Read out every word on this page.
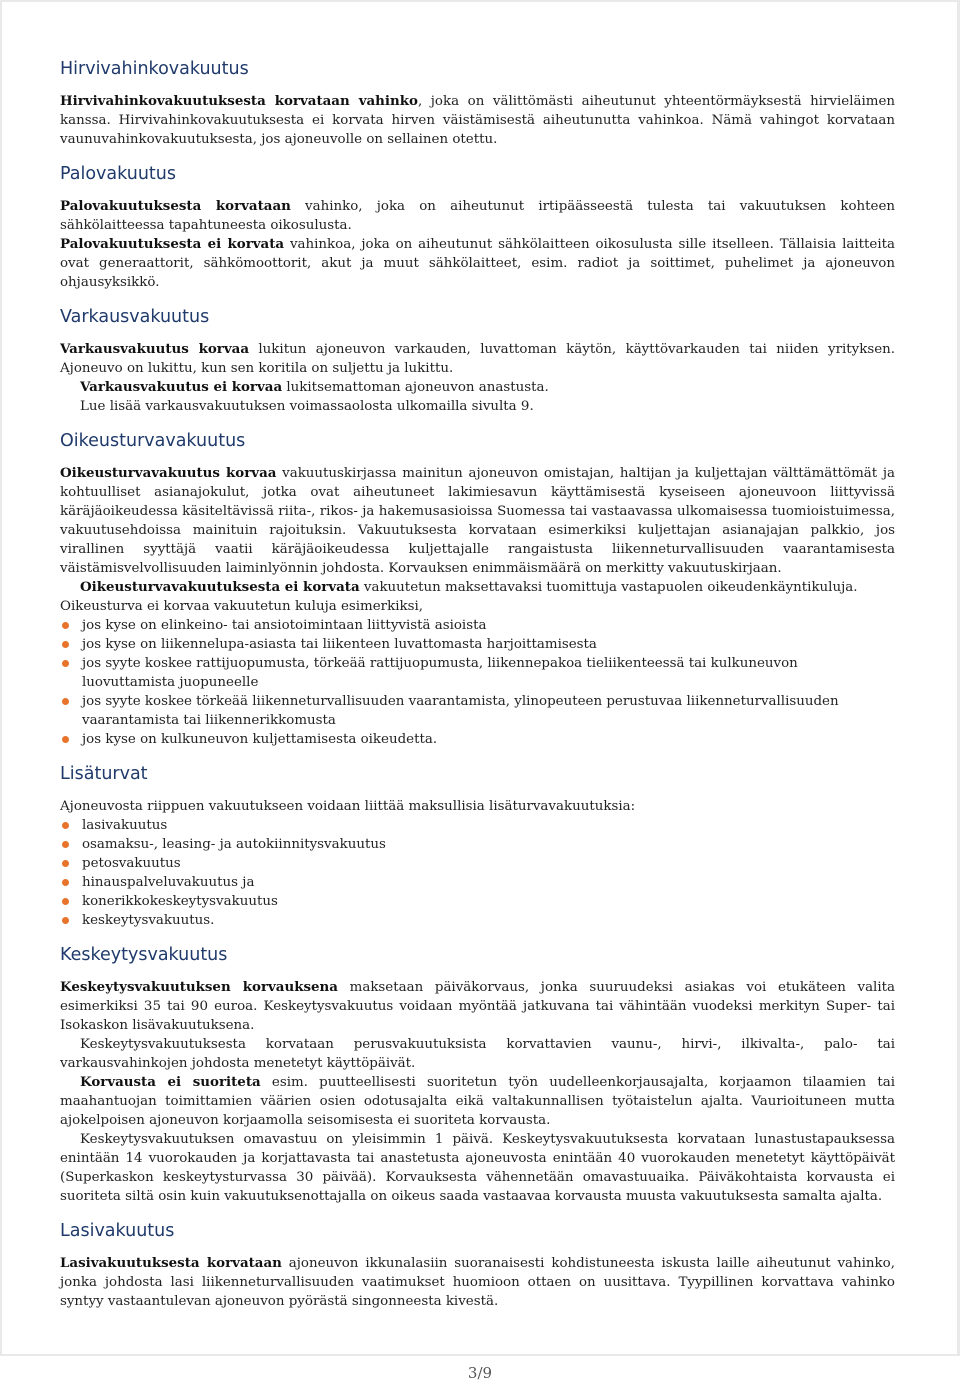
Hirvivahinkovakuutus

Hirvivahinkovakuutuksesta korvataan vahinko, joka on välittömästi aiheutunut yhteentörmäyksestä hirvieläimen kanssa. Hirvivahinkovakuutuksesta ei korvata hirven väistämisestä aiheutunutta vahinkoa. Nämä vahingot korvataan vaunuvahinkovakuutuksesta, jos ajoneuvolle on sellainen otettu.

Palovakuutus

Palovakuutuksesta korvataan vahinko, joka on aiheutunut irtipäässeestä tulesta tai vakuutuksen kohteen sähkölaitteessa tapahtuneesta oikosulusta.

Palovakuutuksesta ei korvata vahinkoa, joka on aiheutunut sähkölaitteen oikosulusta sille itselleen. Tällaisia laitteita ovat generaattorit, sähkömoottorit, akut ja muut sähkölaitteet, esim. radiot ja soittimet, puhelimet ja ajoneuvon ohjausyksikkö.

Varkausvakuutus

Varkausvakuutus korvaa lukitun ajoneuvon varkauden, luvattoman käytön, käyttövarkauden tai niiden yrityksen. Ajoneuvo on lukittu, kun sen koritila on suljettu ja lukittu.

Varkausvakuutus ei korvaa lukitsemattoman ajoneuvon anastusta.

Lue lisää varkausvakuutuksen voimassaolosta ulkomailla sivulta 9.

Oikeusturvavakuutus

Oikeusturvavakuutus korvaa vakuutuskirjassa mainitun ajoneuvon omistajan, haltijan ja kuljettajan välttämättömät ja kohtuulliset asianajokulut, jotka ovat aiheutuneet lakimiesavun käyttämisestä kyseiseen ajoneuvoon liittyvissä käräjäoikeudessa käsiteltävissä riita-, rikos- ja hakemusasioissa Suomessa tai vastaavassa ulkomaisessa tuomioistuimessa, vakuutusehdoissa mainituin rajoituksin. Vakuutuksesta korvataan esimerkiksi kuljettajan asianajajan palkkio, jos virallinen syyttäjä vaatii käräjäoikeudessa kuljettajalle rangaistusta liikenneturvallisuuden vaarantamisesta väistämisvelvollisuuden laiminlyönnin johdosta. Korvauksen enimmäismäärä on merkitty vakuutuskirjaan.

Oikeusturvavakuutuksesta ei korvata vakuutetun maksettavaksi tuomittuja vastapuolen oikeudenkäyntikuluja.

Oikeusturva ei korvaa vakuutetun kuluja esimerkiksi,

jos kyse on elinkeino- tai ansiotoimintaan liittyvistä asioista
jos kyse on liikennelupa-asiasta tai liikenteen luvattomasta harjoittamisesta
jos syyte koskee rattijuopumusta, törkeää rattijuopumusta, liikennepakoa tieliikenteessä tai kulkuneuvon luovuttamista juopuneelle
jos syyte koskee törkeää liikenneturvallisuuden vaarantamista, ylinopeuteen perustuvaa liikenneturvallisuuden vaarantamista tai liikennerikkomusta
jos kyse on kulkuneuvon kuljettamisesta oikeudetta.
Lisäturvat

Ajoneuvosta riippuen vakuutukseen voidaan liittää maksullisia lisäturvavakuutuksia:

lasivakuutus
osamaksu-, leasing- ja autokiinnitysvakuutus
petosvakuutus
hinauspalveluvakuutus ja
konerikkokeskeytysvakuutus
keskeytysvakuutus.
Keskeytysvakuutus

Keskeytysvakuutuksen korvauksena maksetaan päiväkorvaus, jonka suuruudeksi asiakas voi etukäteen valita esimerkiksi 35 tai 90 euroa. Keskeytysvakuutus voidaan myöntää jatkuvana tai vähintään vuodeksi merkityn Super- tai Isokaskon lisävakuutuksena.

Keskeytysvakuutuksesta korvataan perusvakuutuksista korvattavien vaunu-, hirvi-, ilkivalta-, palo- tai varkausvahinkojen johdosta menetetyt käyttöpäivät.

Korvausta ei suoriteta esim. puutteellisesti suoritetun työn uudelleenkorjausajalta, korjaamon tilaamien tai maahantuojan toimittamien väärien osien odotusajalta eikä valtakunnallisen työtaistelun ajalta. Vaurioituneen mutta ajokelpoisen ajoneuvon korjaamolla seisomisesta ei suoriteta korvausta.

Keskeytysvakuutuksen omavastuu on yleisimmin 1 päivä. Keskeytysvakuutuksesta korvataan lunastustapauksessa enintään 14 vuorokauden ja korjattavasta tai anastetusta ajoneuvosta enintään 40 vuorokauden menetetyt käyttöpäivät (Superkaskon keskeytysturvassa 30 päivää). Korvauksesta vähennetään omavastuuaika. Päiväkohtaista korvausta ei suoriteta siltä osin kuin vakuutuksenottajalla on oikeus saada vastaavaa korvausta muusta vakuutuksesta samalta ajalta.

Lasivakuutus

Lasivakuutuksesta korvataan ajoneuvon ikkunalasiin suoranaisesti kohdistuneesta iskusta laille aiheutunut vahinko, jonka johdosta lasi liikenneturvallisuuden vaatimukset huomioon ottaen on uusittava. Tyypillinen korvattava vahinko syntyy vastaantulevan ajoneuvon pyörästä singonneesta kivestä.

3/9
